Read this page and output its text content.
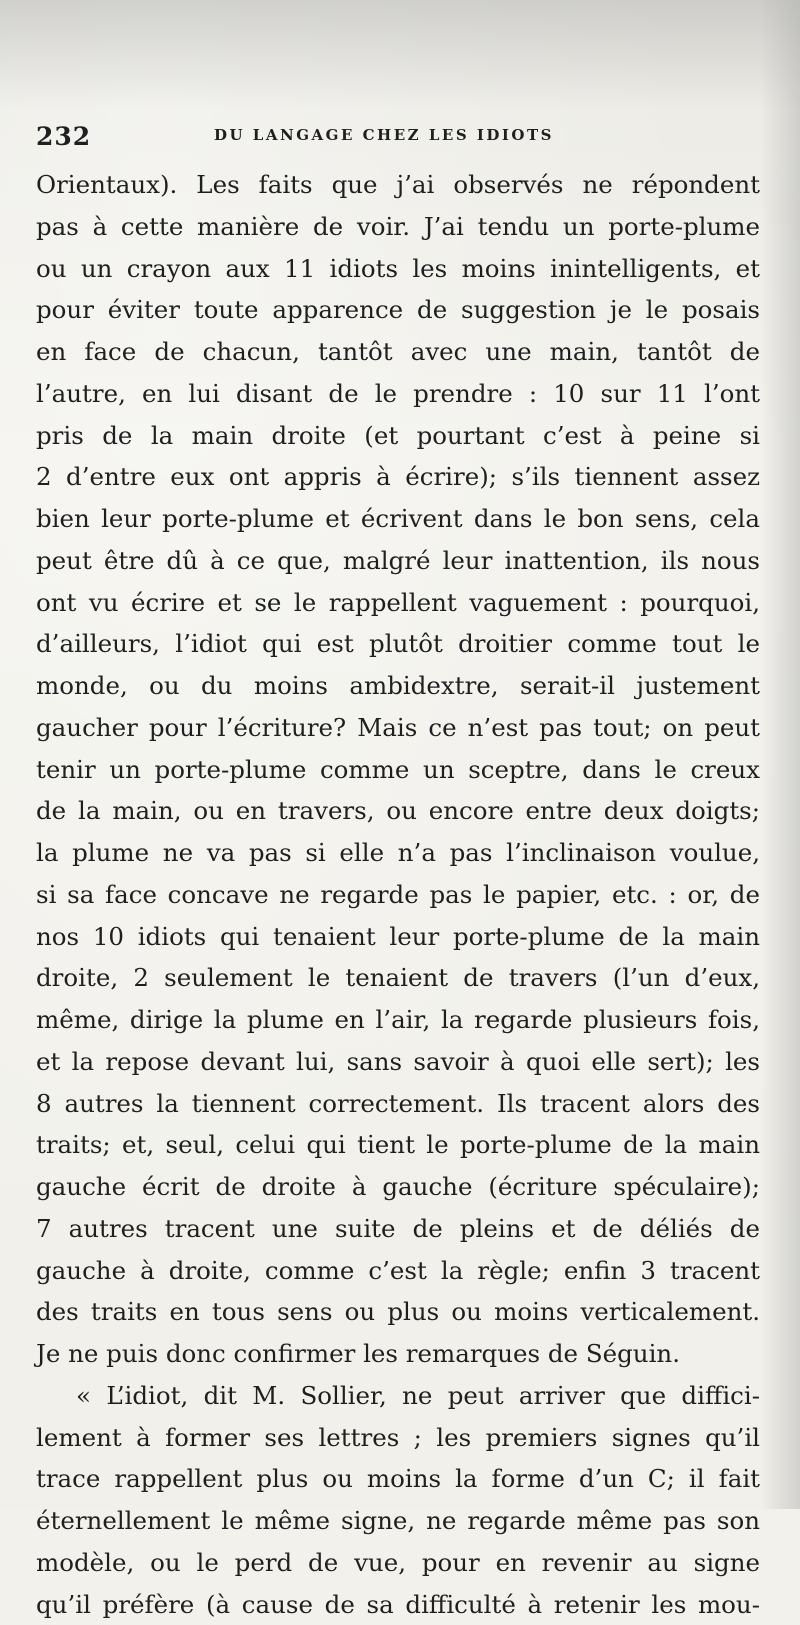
232	DU LANGAGE CHEZ LES IDIOTS
Orientaux). Les faits que j’ai observés ne répondent
pas à cette manière de voir. J’ai tendu un porte-plume
ou un crayon aux 11 idiots les moins inintelligents, et
pour éviter toute apparence de suggestion je le posais
en face de chacun, tantôt avec une main, tantôt de
l’autre, en lui disant de le prendre : 10 sur 11 l’ont
pris de la main droite (et pourtant c’est à peine si
2 d’entre eux ont appris à écrire); s’ils tiennent assez
bien leur porte-plume et écrivent dans le bon sens, cela
peut être dû à ce que, malgré leur inattention, ils nous
ont vu écrire et se le rappellent vaguement : pourquoi,
d’ailleurs, l’idiot qui est plutôt droitier comme tout le
monde, ou du moins ambidextre, serait-il justement
gaucher pour l’écriture? Mais ce n’est pas tout; on peut
tenir un porte-plume comme un sceptre, dans le creux
de la main, ou en travers, ou encore entre deux doigts;
la plume ne va pas si elle n’a pas l’inclinaison voulue,
si sa face concave ne regarde pas le papier, etc. : or, de
nos 10 idiots qui tenaient leur porte-plume de la main
droite, 2 seulement le tenaient de travers (l’un d’eux,
même, dirige la plume en l’air, la regarde plusieurs fois,
et la repose devant lui, sans savoir à quoi elle sert); les
8 autres la tiennent correctement. Ils tracent alors des
traits; et, seul, celui qui tient le porte-plume de la main
gauche écrit de droite à gauche (écriture spéculaire);
7 autres tracent une suite de pleins et de déliés de
gauche à droite, comme c’est la règle; enfin 3 tracent
des traits en tous sens ou plus ou moins verticalement.
Je ne puis donc confirmer les remarques de Séguin.
« L’idiot, dit M. Sollier, ne peut arriver que diffici-
lement à former ses lettres ; les premiers signes qu’il
trace rappellent plus ou moins la forme d’un C; il fait
éternellement le même signe, ne regarde même pas son
modèle, ou le perd de vue, pour en revenir au signe
qu’il préfère (à cause de sa difficulté à retenir les mou-
